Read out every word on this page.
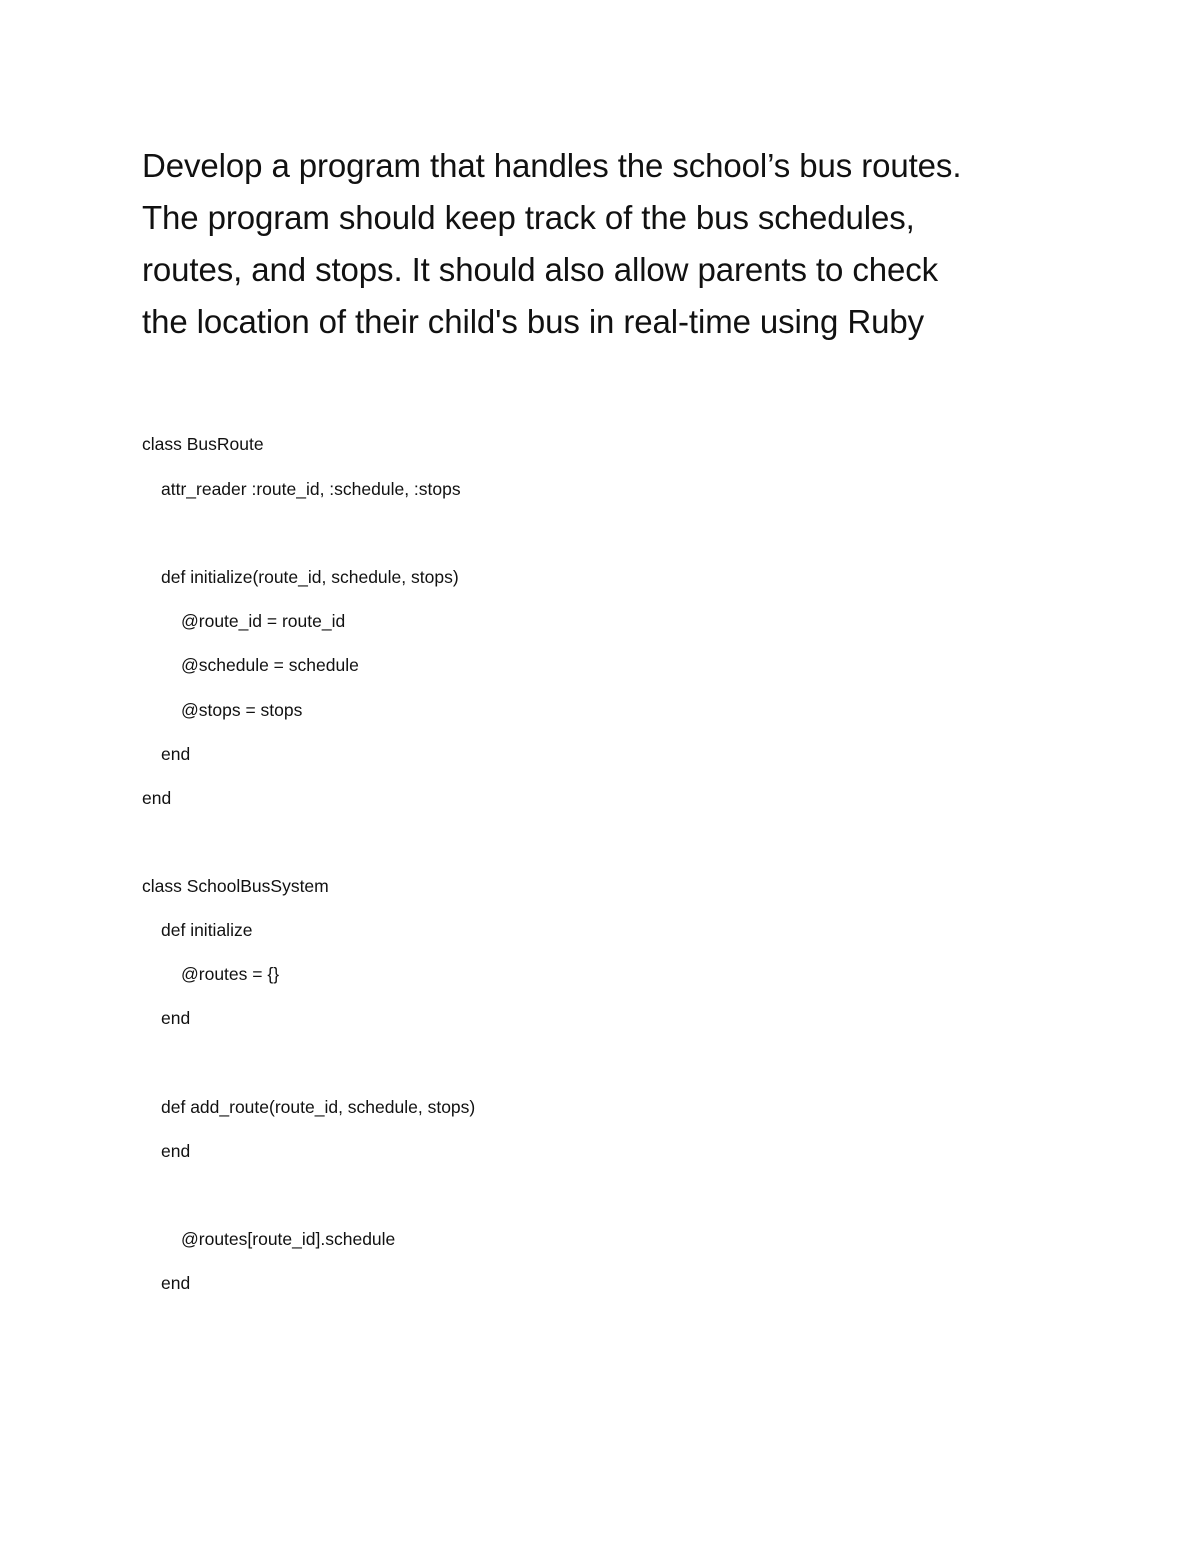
Develop a program that handles the school’s bus routes.
The program should keep track of the bus schedules,
routes, and stops. It should also allow parents to check
the location of their child's bus in real-time using Ruby
class BusRoute
attr_reader :route_id, :schedule, :stops
def initialize(route_id, schedule, stops)
@route_id = route_id
@schedule = schedule
@stops = stops
end
end
class SchoolBusSystem
def initialize
@routes = {}
end
def add_route(route_id, schedule, stops)
end
@routes[route_id].schedule
end
